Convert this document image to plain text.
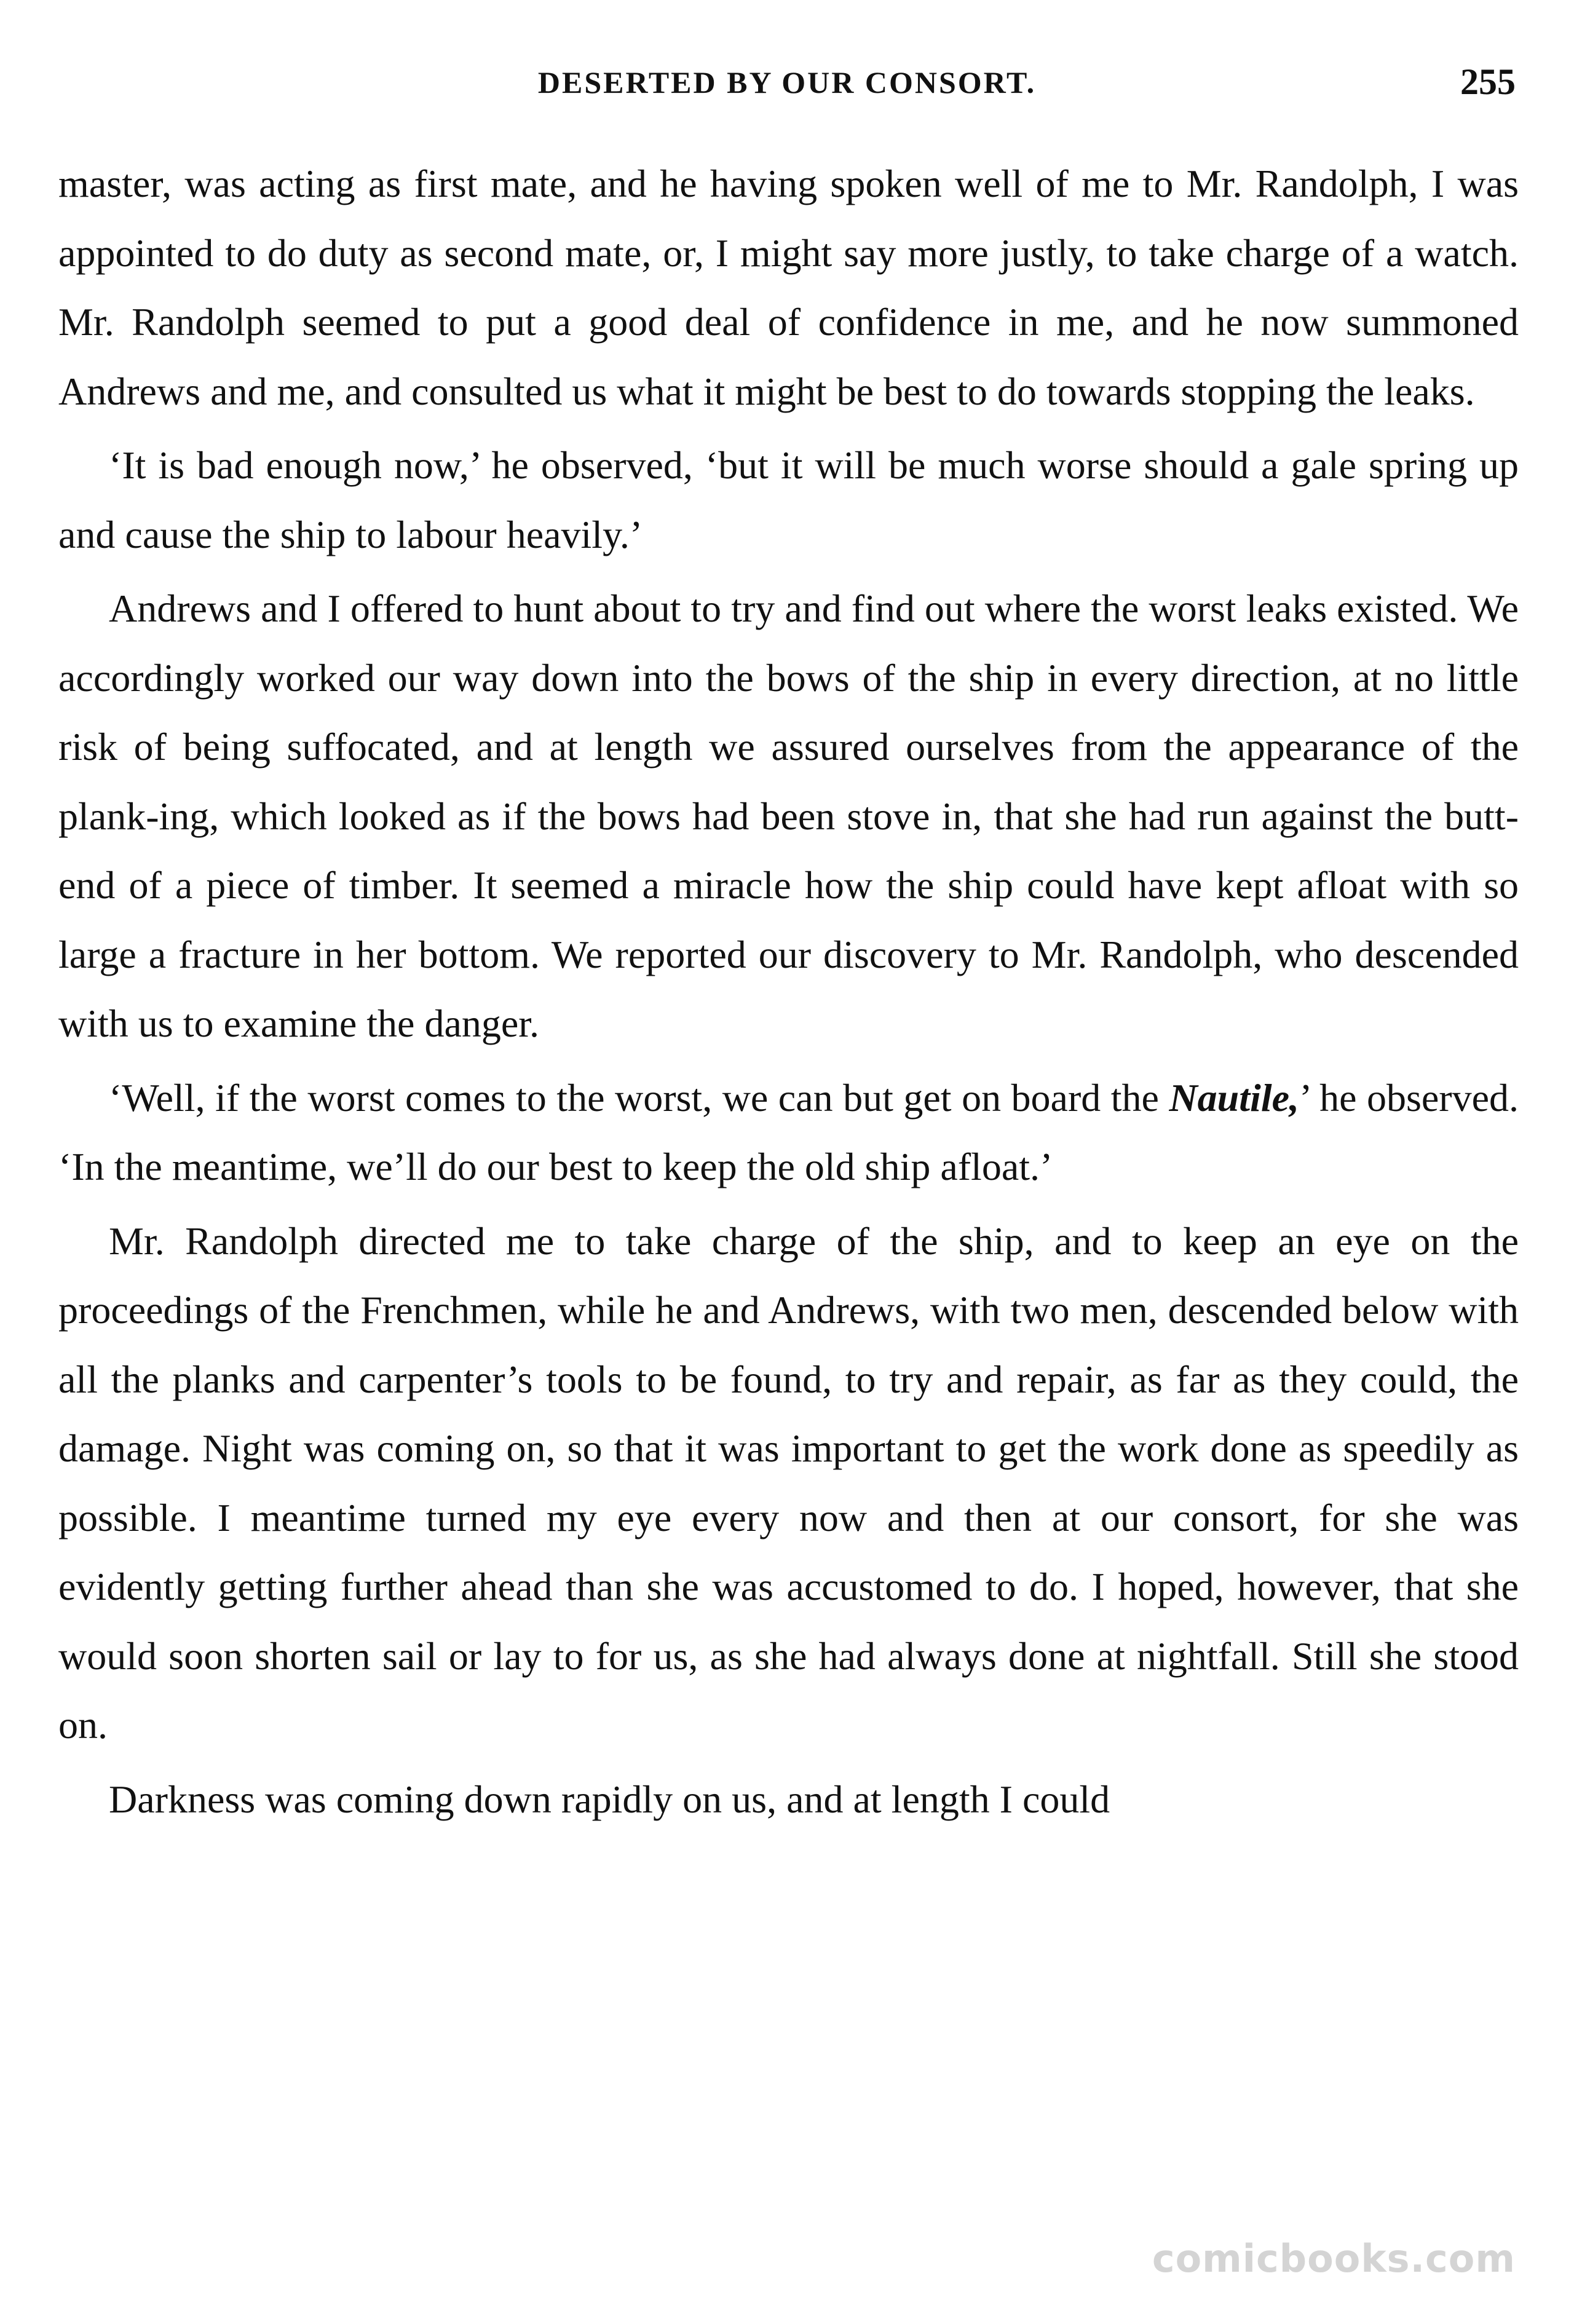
DESERTED BY OUR CONSORT.	255

master, was acting as first mate, and he having spoken well of me to Mr. Randolph, I was appointed to do duty as second mate, or, I might say more justly, to take charge of a watch. Mr. Randolph seemed to put a good deal of confidence in me, and he now summoned Andrews and me, and consulted us what it might be best to do towards stopping the leaks.

‘It is bad enough now,’ he observed, ‘but it will be much worse should a gale spring up and cause the ship to labour heavily.’

Andrews and I offered to hunt about to try and find out where the worst leaks existed. We accordingly worked our way down into the bows of the ship in every direction, at no little risk of being suffocated, and at length we assured ourselves from the appearance of the plank-ing, which looked as if the bows had been stove in, that she had run against the butt-end of a piece of timber. It seemed a miracle how the ship could have kept afloat with so large a fracture in her bottom. We reported our discovery to Mr. Randolph, who descended with us to examine the danger.

‘Well, if the worst comes to the worst, we can but get on board the Nautile,’ he observed. ‘In the meantime, we’ll do our best to keep the old ship afloat.’

Mr. Randolph directed me to take charge of the ship, and to keep an eye on the proceedings of the Frenchmen, while he and Andrews, with two men, descended below with all the planks and carpenter’s tools to be found, to try and repair, as far as they could, the damage. Night was coming on, so that it was important to get the work done as speedily as possible. I meantime turned my eye every now and then at our consort, for she was evidently getting further ahead than she was accustomed to do. I hoped, however, that she would soon shorten sail or lay to for us, as she had always done at nightfall. Still she stood on.

Darkness was coming down rapidly on us, and at length I could

comicbooks.com
